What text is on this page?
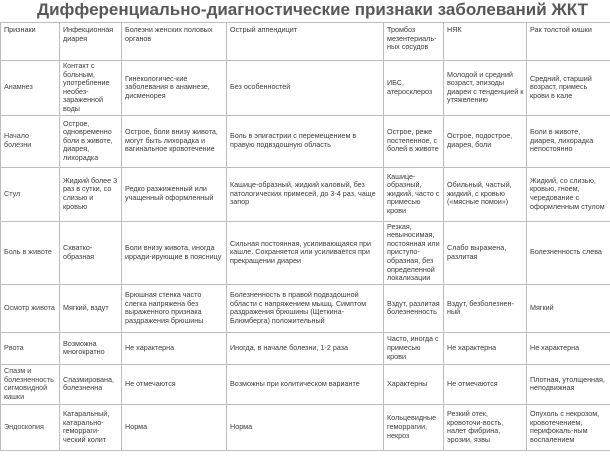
Дифференциально-диагностические признаки заболеваний ЖКТ
Признаки	Инфекционная диарея	Болезни женских половых органов	Острый аппендицит	Тромбоз мезентериаль-ных сосудов	НЯК	Рак толстой кишки
Анамнез	Контакт с больным, употребление необез-зараженной воды	Гинекологичес-кие заболевания в анамнезе, дисменорея	Без особенностей	ИБС, атеросклероз	Молодой и средний возраст, эпизоды диареи с тенденцией к утяжелению	Средний, старший возраст, примесь крови в кале
Начало болезни	Острое, одновременно боли в животе, диарея, лихорадка	Острое, боли внизу живота, могут быть лихорадка и вагинальное кровотечение	Боль в эпигастрии с перемещением в правую подвздошную область	Острое, реже постепенное, с болей в животе	Острое, подострое, диарея, боли	Боли в животе, диарея, лихорадка непостоянно
Стул	Жидкий более 3 раз в сутки, со слизью и кровью	Редко разжиженный или учащенный оформленный	Кашице-образный, жидкий каловый, без патологических примесей, до 3-4 раз, чаще запор	Кашице-образный, жидкий, часто с примесью крови	Обильный, частый, жидкий, с кровью («мясные помои»)	Жидкий, со слизью, кровью, гноем, чередование с оформленным стулом
Боль в животе	Схватко-образная	Боли внизу живота, иногда ирради-ирующие в поясницу	Сильная постоянная, усиливающаяся при кашле. Сохраняется или усиливается при прекращении диареи	Резкая, невыносимая, постоянная или приступо-образная, без определенной локализации	Слабо выражена, разлитая	Болезненность слева
Осмотр живота	Мягкий, вздут	Брюшная стенка часто слегка напряжена без выраженного признака раздражения брюшины	Болезненность в правой подвздошной области с напряжением мышц. Симптом раздражения брюшины (Щеткина-Блюмберга) положительный	Вздут, разлитая болезненность	Вздут, безболезнен-ный	Мягкий
Рвота	Возможна многократно	Не характерна	Иногда, в начале болезни, 1-2 раза	Часто, иногда с примесью крови	Не характерна	Не характерна
Спазм и болезненность сигмовидной кишки	Спазмирована, болезненна	Не отмечаются	Возможны при колитическом варианте	Характерны	Не отмечаются	Плотная, утолщенная, неподвижная
Эндоскопия	Катаральный, катарально-геморраги-ческий колит	Норма	Норма	Кольцевидные геморрагии, некроз	Резкий отек, кровоточи-вость, налет фибрина, эрозии, язвы	Опухоль с некрозом, кровотечением, перифокаль-ным воспалением
